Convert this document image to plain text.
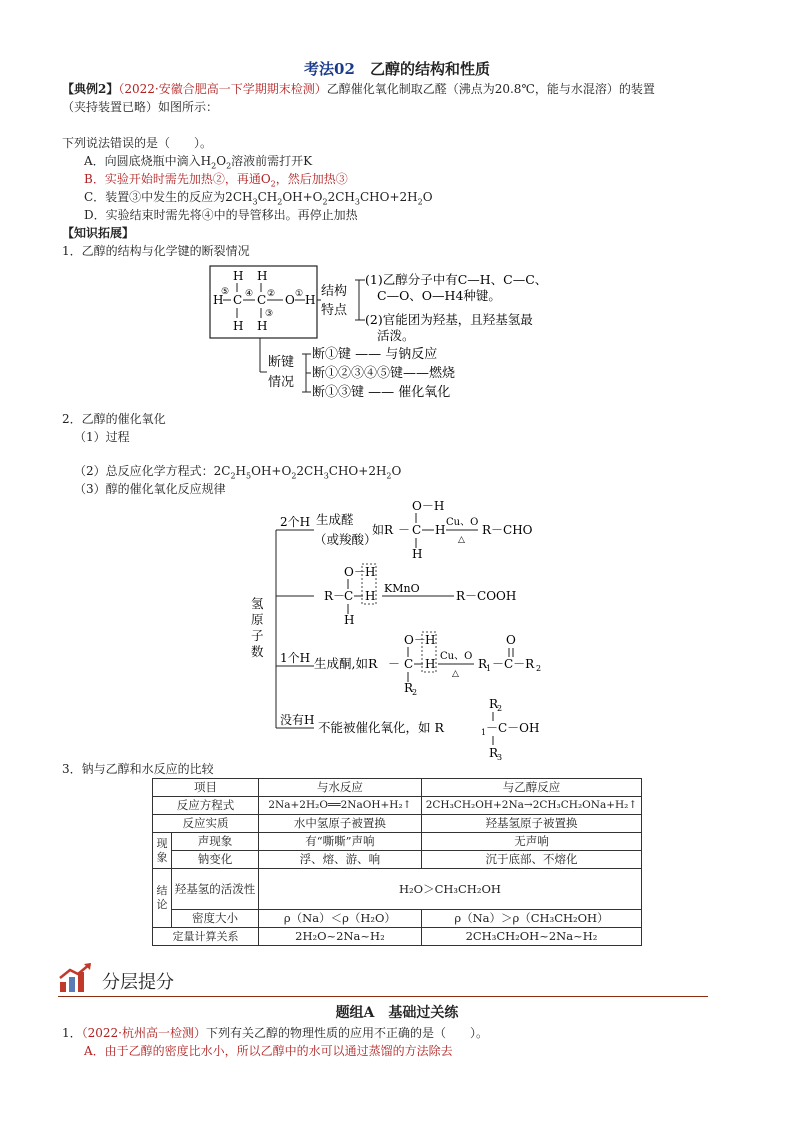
考法02　 乙醇的结构和性质
【典例2】（2022·安徽合肥高一下学期期末检测）乙醇催化氧化制取乙醛（沸点为20.8℃，能与水混溶）的装置
（夹持装置已略）如图所示：
下列说法错误的是（　　）。
A．向圆底烧瓶中滴入$H_2O_2$溶液前需打开K
B．实验开始时需先加热②，再通$O_2$，然后加热③
C．装置③中发生的反应为$2CH_3CH_2OH+O_22CH_3CHO+2H_2O$
D．实验结束时需先将④中的导管移出。再停止加热
【知识拓展】
1．乙醇的结构与化学键的断裂情况
H H
H C C O H
H H
⑤ ④ ② ①
③
结构
特点
(1)乙醇分子中有C—H、C—C、
C—O、O—H4种键。
(2)官能团为羟基，且羟基氢最
活泼。
断键
情况
断①键 —— 与钠反应
断①②③④⑤键——燃烧
断①③键 —— 催化氧化
2．乙醇的催化氧化
（1）过程
（2）总反应化学方程式：$2C_2H_5OH+O_22CH_3CHO+2H_2O$
（3）醇的催化氧化反应规律
氢
原
子
数
2个H 生成醛
（或羧酸）
如R －
O－H
C H
H
Cu、O
△
R－CHO
R－
O－
C
H
H
H
KMnO
R－COOH
1个H 生成酮,如R －
O－
C
H
H
R
2
Cu、O
△
R
1 －C－R 2
O
没有H 不能被催化氧化，如 R	1 －C－OH
R
2
R
3
3．钠与乙醇和水反应的比较
项目		与水反应	与乙醇反应
反应方程式		2Na+2H₂O══2NaOH+H₂↑	2CH₃CH₂OH+2Na→2CH₃CH₂ONa+H₂↑
反应实质		水中氢原子被置换	羟基氢原子被置换
现象	声现象	有“嘶嘶”声响	无声响
	钠变化	浮、熔、游、响	沉于底部、不熔化
结论	羟基氢的活泼性	H₂O＞CH₃CH₂OH	
	密度大小	ρ（Na）＜ρ（H₂O）	ρ（Na）＞ρ（CH₃CH₂OH）
定量计算关系		2H₂O~2Na~H₂	2CH₃CH₂OH~2Na~H₂
分层提分
题组A　基础过关练
1．（2022·杭州高一检测）下列有关乙醇的物理性质的应用不正确的是（　　）。
A．由于乙醇的密度比水小，所以乙醇中的水可以通过蒸馏的方法除去
